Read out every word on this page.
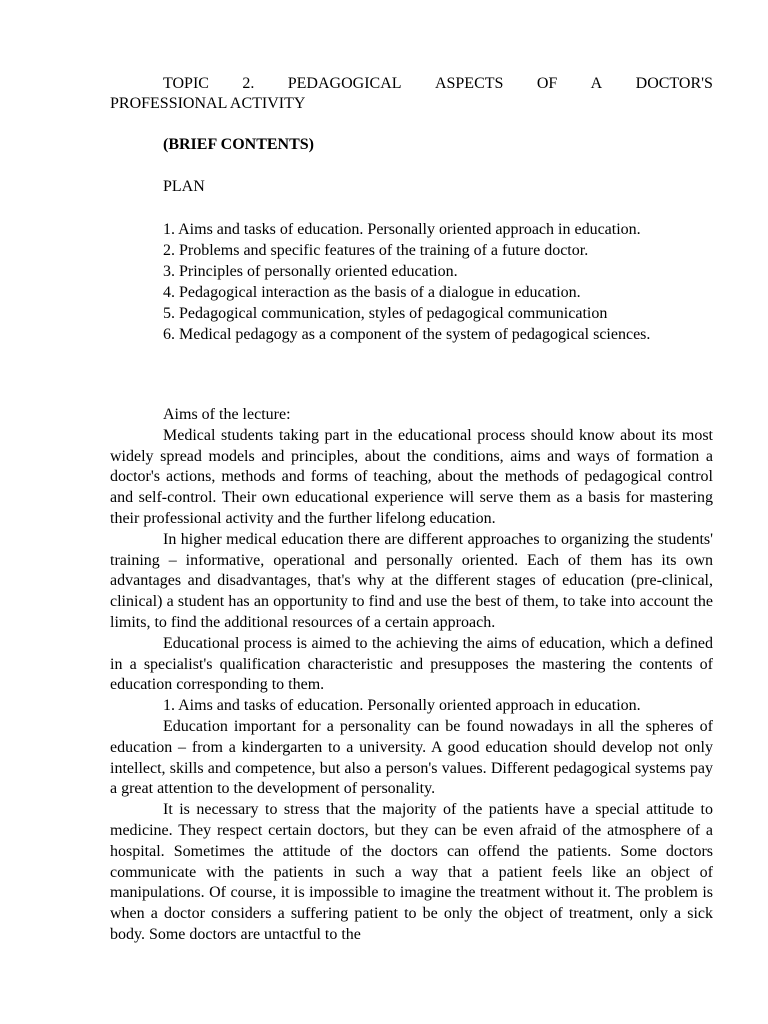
TOPIC 2. PEDAGOGICAL ASPECTS OF A DOCTOR'S
PROFESSIONAL ACTIVITY
(BRIEF CONTENTS)
PLAN
1. Aims and tasks of education. Personally oriented approach in education.
2. Problems and specific features of the training of a future doctor.
3. Principles of personally oriented education.
4. Pedagogical interaction as the basis of a dialogue in education.
5. Pedagogical communication, styles of pedagogical communication
6. Medical pedagogy as a component of the system of pedagogical sciences.

Aims of the lecture:

Medical students taking part in the educational process should know about its most widely spread models and principles, about the conditions, aims and ways of formation a doctor's actions, methods and forms of teaching, about the methods of pedagogical control and self-control. Their own educational experience will serve them as a basis for mastering their professional activity and the further lifelong education.

In higher medical education there are different approaches to organizing the students' training – informative, operational and personally oriented. Each of them has its own advantages and disadvantages, that's why at the different stages of education (pre-clinical, clinical) a student has an opportunity to find and use the best of them, to take into account the limits, to find the additional resources of a certain approach.

Educational process is aimed to the achieving the aims of education, which a defined in a specialist's qualification characteristic and presupposes the mastering the contents of education corresponding to them.

1. Aims and tasks of education. Personally oriented approach in education.

Education important for a personality can be found nowadays in all the spheres of education – from a kindergarten to a university. A good education should develop not only intellect, skills and competence, but also a person's values. Different pedagogical systems pay a great attention to the development of personality.

It is necessary to stress that the majority of the patients have a special attitude to medicine. They respect certain doctors, but they can be even afraid of the atmosphere of a hospital. Sometimes the attitude of the doctors can offend the patients. Some doctors communicate with the patients in such a way that a patient feels like an object of manipulations. Of course, it is impossible to imagine the treatment without it. The problem is when a doctor considers a suffering patient to be only the object of treatment, only a sick body. Some doctors are untactful to the
